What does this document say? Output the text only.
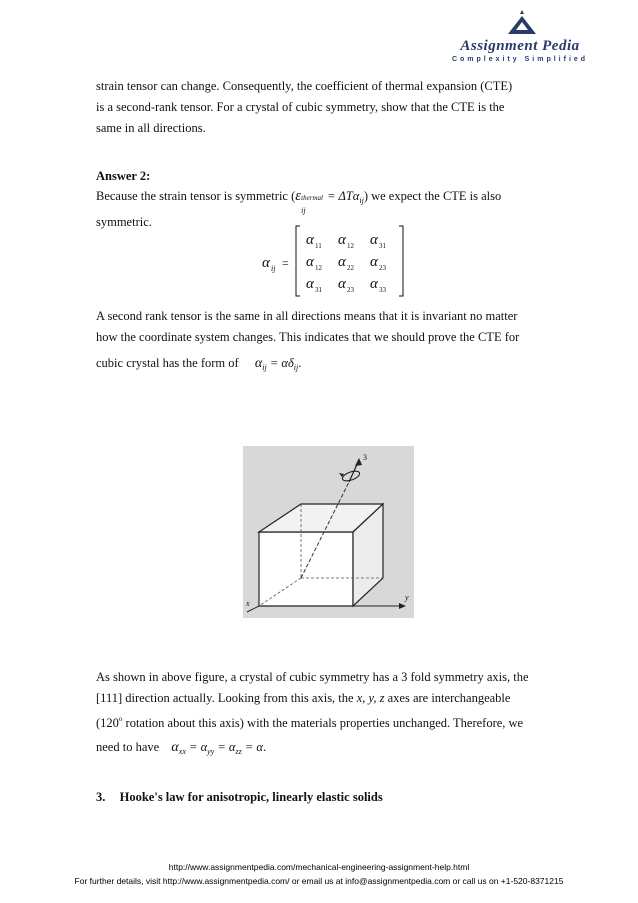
Assignment Pedia
Complexity Simplified
strain tensor can change. Consequently, the coefficient of thermal expansion (CTE)
is a second-rank tensor. For a crystal of cubic symmetry, show that the CTE is the
same in all directions.
Answer 2:
Because the strain tensor is symmetric (ε thermal
ij
= ΔTα$_{ij}$) we expect the CTE is also
symmetric.
α ij =
α 11 α 12 α 31
α 12 α 22 α 23
α 31 α 23 α 33
A second rank tensor is the same in all directions means that it is invariant no matter
how the coordinate system changes. This indicates that we should prove the CTE for
cubic crystal has the form of $\alpha_{ij} = \alpha\delta_{ij}$.
3
x
y
As shown in above figure, a crystal of cubic symmetry has a 3 fold symmetry axis, the
[111] direction actually. Looking from this axis, the x, y, z axes are interchangeable
(120$^o$ rotation about this axis) with the materials properties unchanged. Therefore, we
need to have $\alpha_{xx} = \alpha_{yy} = \alpha_{zz} = \alpha$.
3. Hooke's law for anisotropic, linearly elastic solids
http://www.assignmentpedia.com/mechanical-engineering-assignment-help.html
For further details, visit http://www.assignmentpedia.com/ or email us at info@assignmentpedia.com or call us on +1-520-8371215
